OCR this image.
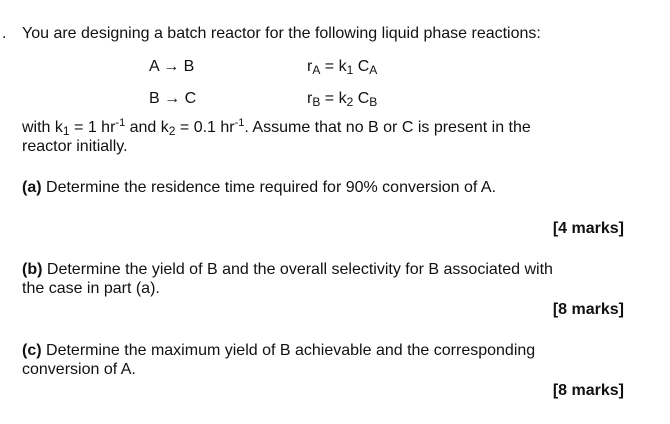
. You are designing a batch reactor for the following liquid phase reactions:
A → B	rA = k1 CA
B → C	rB = k2 CB
with k1 = 1 $hr^{-1}$ and k2 = 0.1 $hr^{-1}$. Assume that no B or C is present in the
reactor initially.
(a) Determine the residence time required for 90% conversion of A.
[4 marks]
(b) Determine the yield of B and the overall selectivity for B associated with
the case in part (a).
[8 marks]
(c) Determine the maximum yield of B achievable and the corresponding
conversion of A.
[8 marks]
